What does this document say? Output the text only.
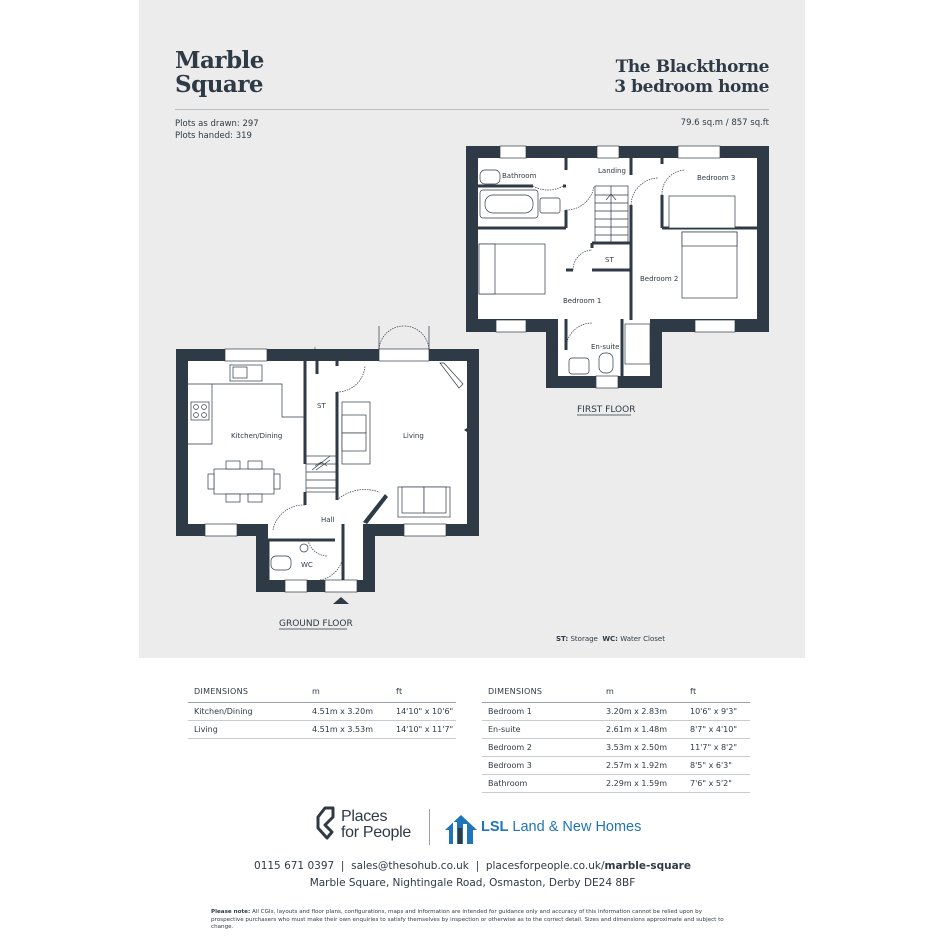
Marble
Square
The Blackthorne
3 bedroom home
Plots as drawn: 297
Plots handed: 319
79.6 sq.m / 857 sq.ft
ST: Storage WC: Water Closet
Bathroom
Landing
Bedroom 3
ST
Bedroom 2
Bedroom 1
En-suite
FIRST FLOOR
Kitchen/Dining
ST
Living
Hall
WC
GROUND FLOOR
DIMENSIONS	m	ft
Kitchen/Dining	4.51m x 3.20m	14'10" x 10'6"
Living	4.51m x 3.53m	14'10" x 11'7"
DIMENSIONS	m	ft
Bedroom 1	3.20m x 2.83m	10'6" x 9'3"
En-suite	2.61m x 1.48m	8'7" x 4'10"
Bedroom 2	3.53m x 2.50m	11'7" x 8'2"
Bedroom 3	2.57m x 1.92m	8'5" x 6'3"
Bathroom	2.29m x 1.59m	7'6" x 5'2"
Places
for People	LSL Land & New Homes
0115 671 0397 | sales@thesohub.co.uk | placesforpeople.co.uk/marble-square
Marble Square, Nightingale Road, Osmaston, Derby DE24 8BF
Please note: All CGIs, layouts and floor plans, configurations, maps and information are intended for guidance only and accuracy of this information cannot be relied upon by prospective purchasers who must make their own enquiries to satisfy themselves by inspection or otherwise as to the correct detail. Sizes and dimensions approximate and subject to change.
